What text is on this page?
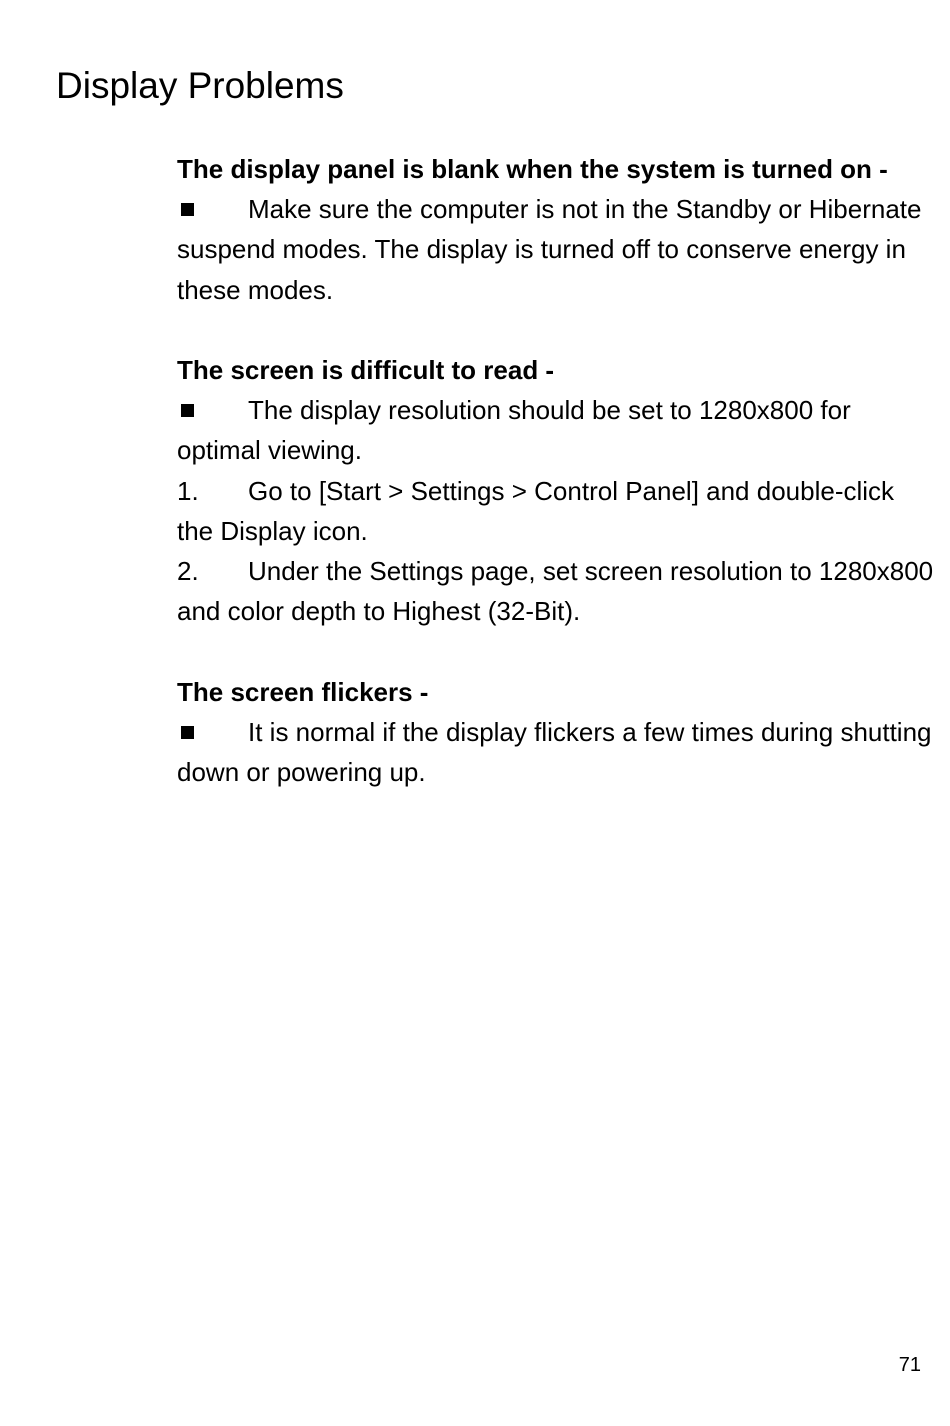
Display Problems

The display panel is blank when the system is turned on -

Make sure the computer is not in the Standby or Hibernate suspend modes. The display is turned off to conserve energy in these modes.

The screen is difficult to read -

The display resolution should be set to 1280x800 for optimal viewing.

1. Go to [Start > Settings > Control Panel] and double-click the Display icon.

2. Under the Settings page, set screen resolution to 1280x800 and color depth to Highest (32-Bit).

The screen flickers -

It is normal if the display flickers a few times during shutting down or powering up.

71
